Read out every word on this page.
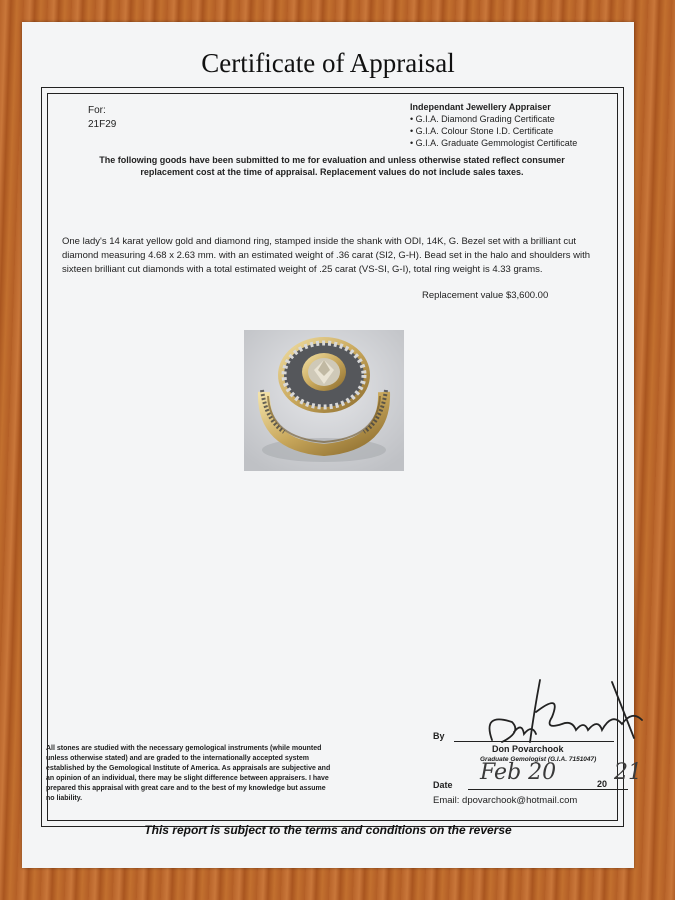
Certificate of Appraisal
For:
21F29
Independant Jewellery Appraiser
• G.I.A. Diamond Grading Certificate
• G.I.A. Colour Stone I.D. Certificate
• G.I.A. Graduate Gemmologist Certificate
The following goods have been submitted to me for evaluation and unless otherwise stated reflect consumer replacement cost at the time of appraisal. Replacement values do not include sales taxes.
One lady's 14 karat yellow gold and diamond ring, stamped inside the shank with ODI, 14K, G. Bezel set with a brilliant cut diamond measuring 4.68 x 2.63 mm. with an estimated weight of .36 carat (SI2, G-H). Bead set in the halo and shoulders with sixteen brilliant cut diamonds with a total estimated weight of .25 carat (VS-SI, G-I), total ring weight is 4.33 grams.
Replacement value $3,600.00
All stones are studied with the necessary gemological instruments (while mounted unless otherwise stated) and are graded to the internationally accepted system established by the Gemological Institute of America. As appraisals are subjective and an opinion of an individual, there may be slight difference between appraisers. I have prepared this appraisal with great care and to the best of my knowledge but assume no liability.
By
Don Povarchook
Graduate Gemologist (G.I.A. 7151047)
Date Feb 20	20 21
Email: dpovarchook@hotmail.com
This report is subject to the terms and conditions on the reverse
